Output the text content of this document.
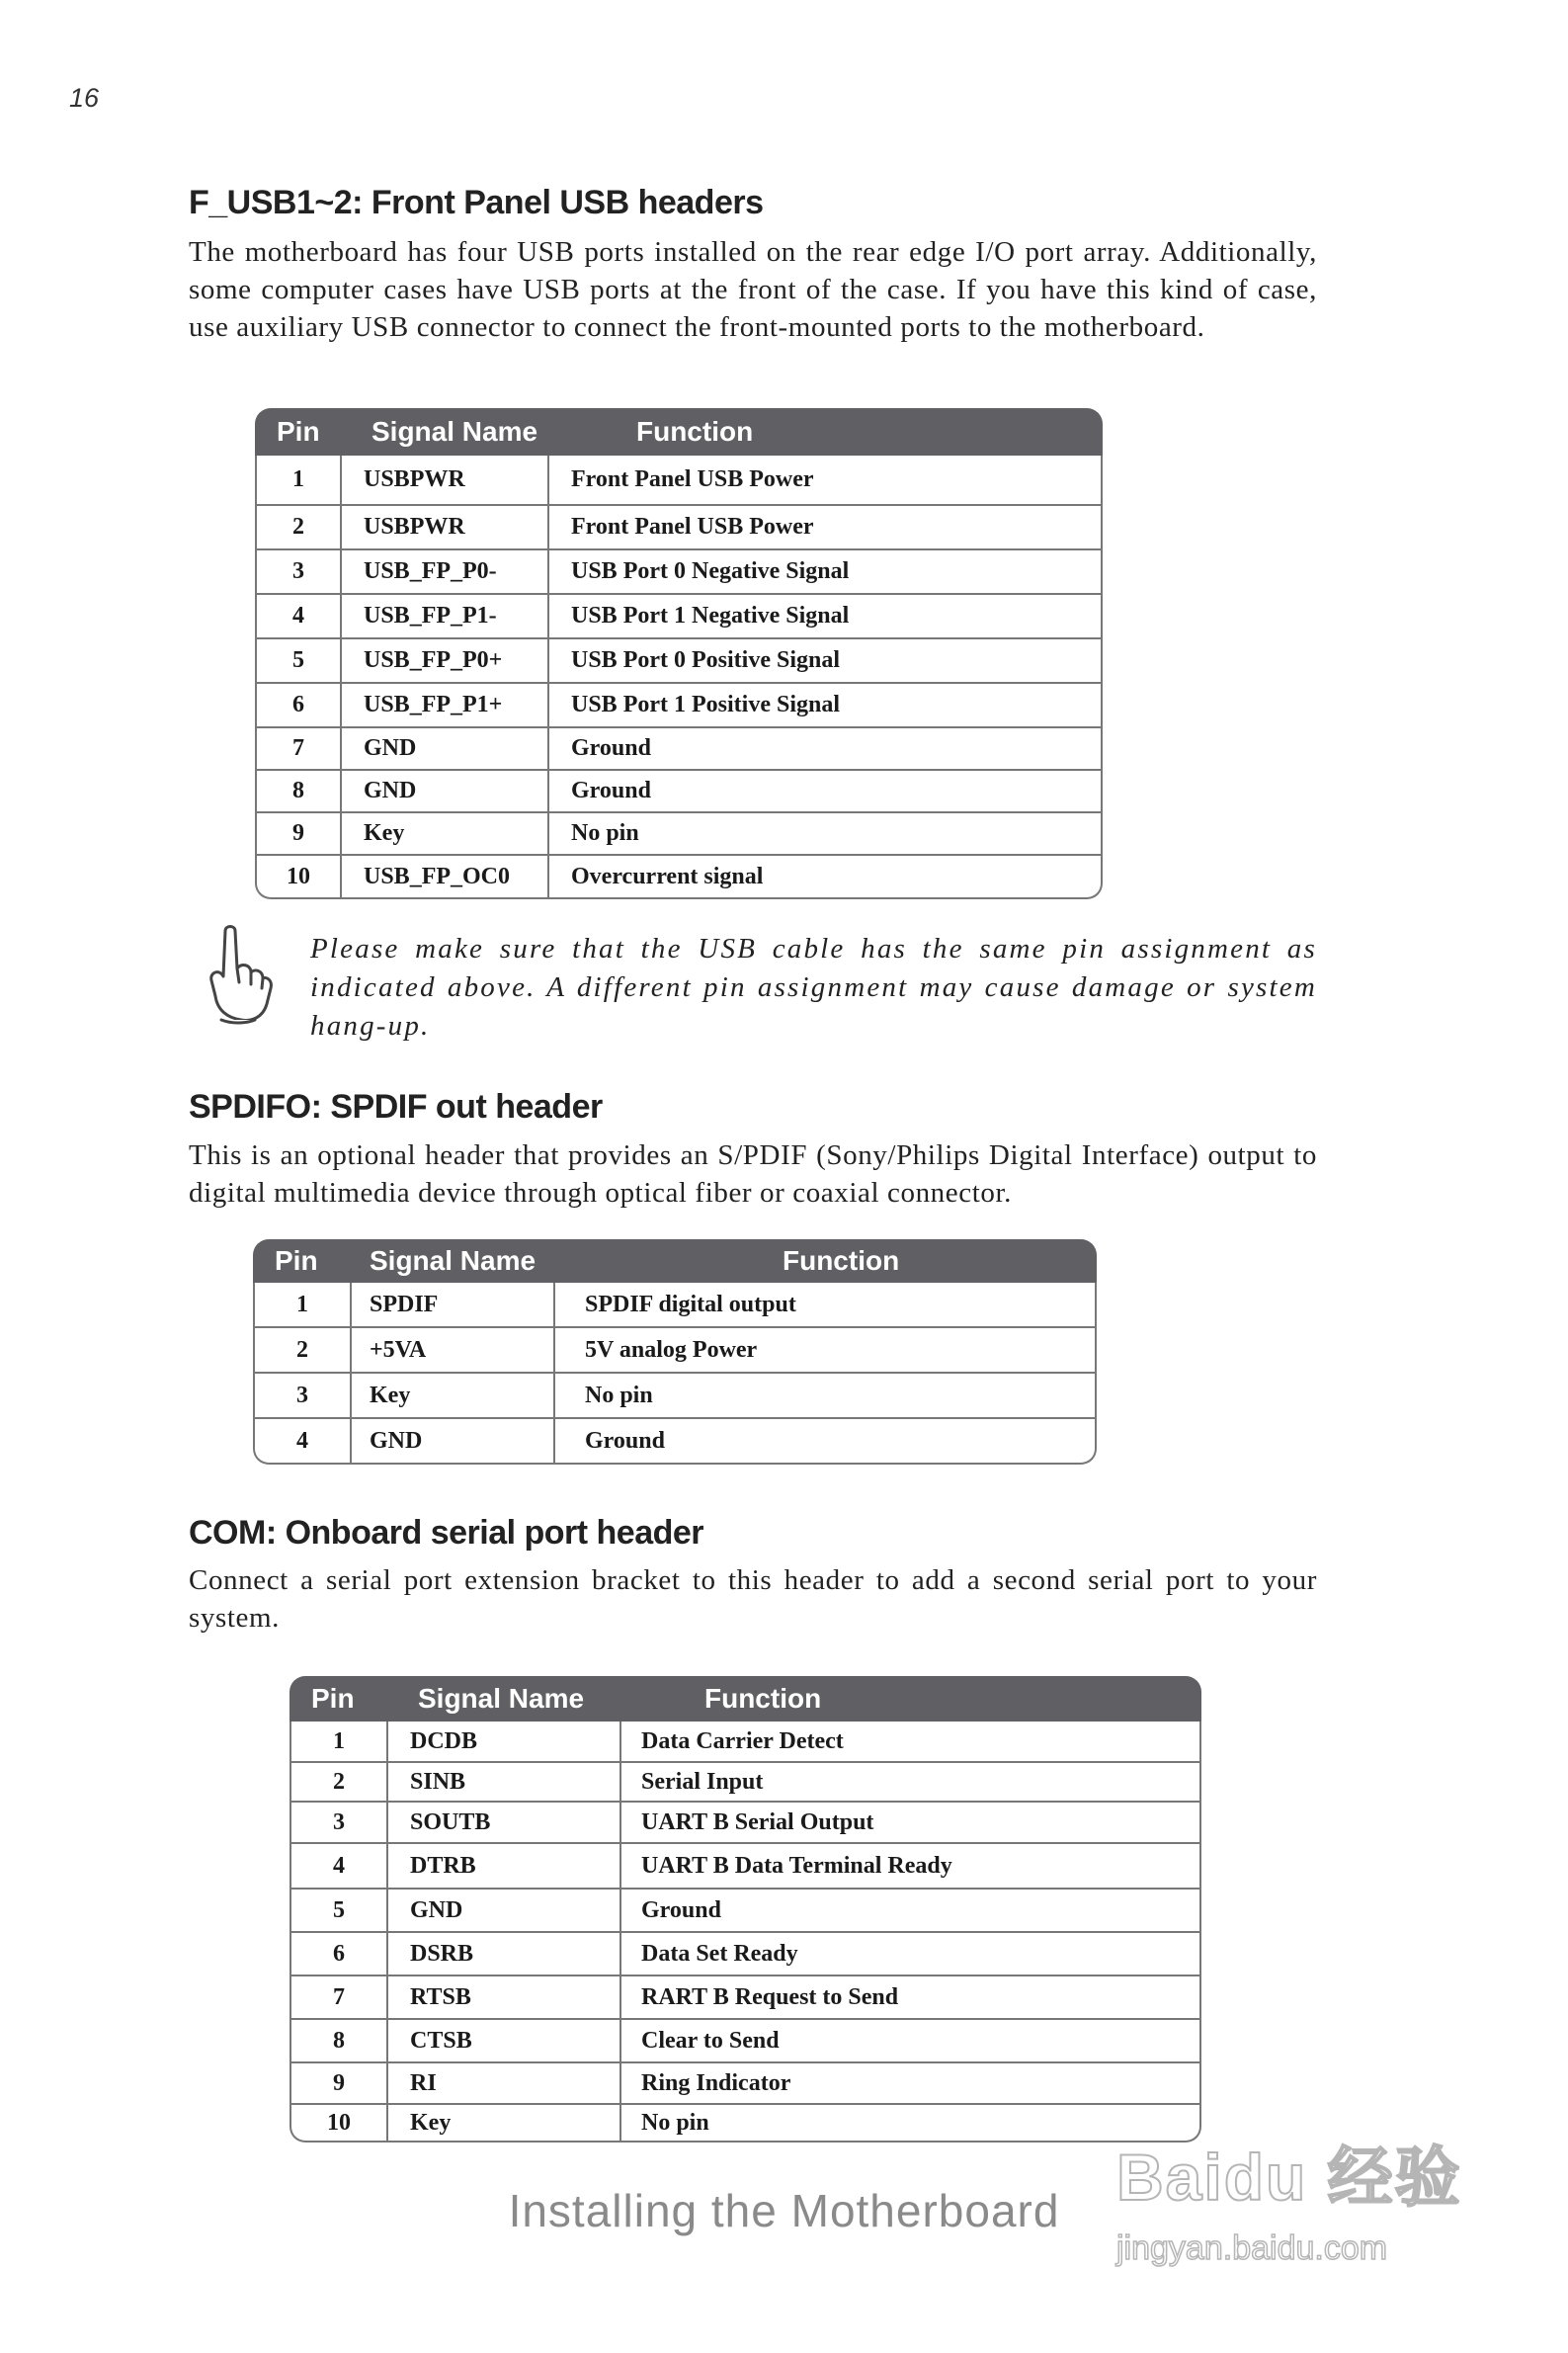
16
F_USB1~2: Front Panel USB headers
The motherboard has four USB ports installed on the rear edge I/O port array. Additionally, some computer cases have USB ports at the front of the case. If you have this kind of case, use auxiliary USB connector to connect the front-mounted ports to the motherboard.
Pin	Signal Name	Function
1	USBPWR	Front Panel USB Power
2	USBPWR	Front Panel USB Power
3	USB_FP_P0-	USB Port 0 Negative Signal
4	USB_FP_P1-	USB Port 1 Negative Signal
5	USB_FP_P0+	USB Port 0 Positive Signal
6	USB_FP_P1+	USB Port 1 Positive Signal
7	GND	Ground
8	GND	Ground
9	Key	No pin
10	USB_FP_OC0	Overcurrent signal
Please make sure that the USB cable has the same pin assignment as indicated above. A different pin assignment may cause damage or system hang-up.
SPDIFO: SPDIF out header
This is an optional header that provides an S/PDIF (Sony/Philips Digital Interface) output to digital multimedia device through optical fiber or coaxial connector.
Pin	Signal Name	Function
1	SPDIF	SPDIF digital output
2	+5VA	5V analog Power
3	Key	No pin
4	GND	Ground
COM: Onboard serial port header
Connect a serial port extension bracket to this header to add a second serial port to your system.
Pin	Signal Name	Function
1	DCDB	Data Carrier Detect
2	SINB	Serial Input
3	SOUTB	UART B Serial Output
4	DTRB	UART B Data Terminal Ready
5	GND	Ground
6	DSRB	Data Set Ready
7	RTSB	RART B Request to Send
8	CTSB	Clear to Send
9	RI	Ring Indicator
10	Key	No pin
Installing the Motherboard Baidu 经验
jingyan.baidu.com
